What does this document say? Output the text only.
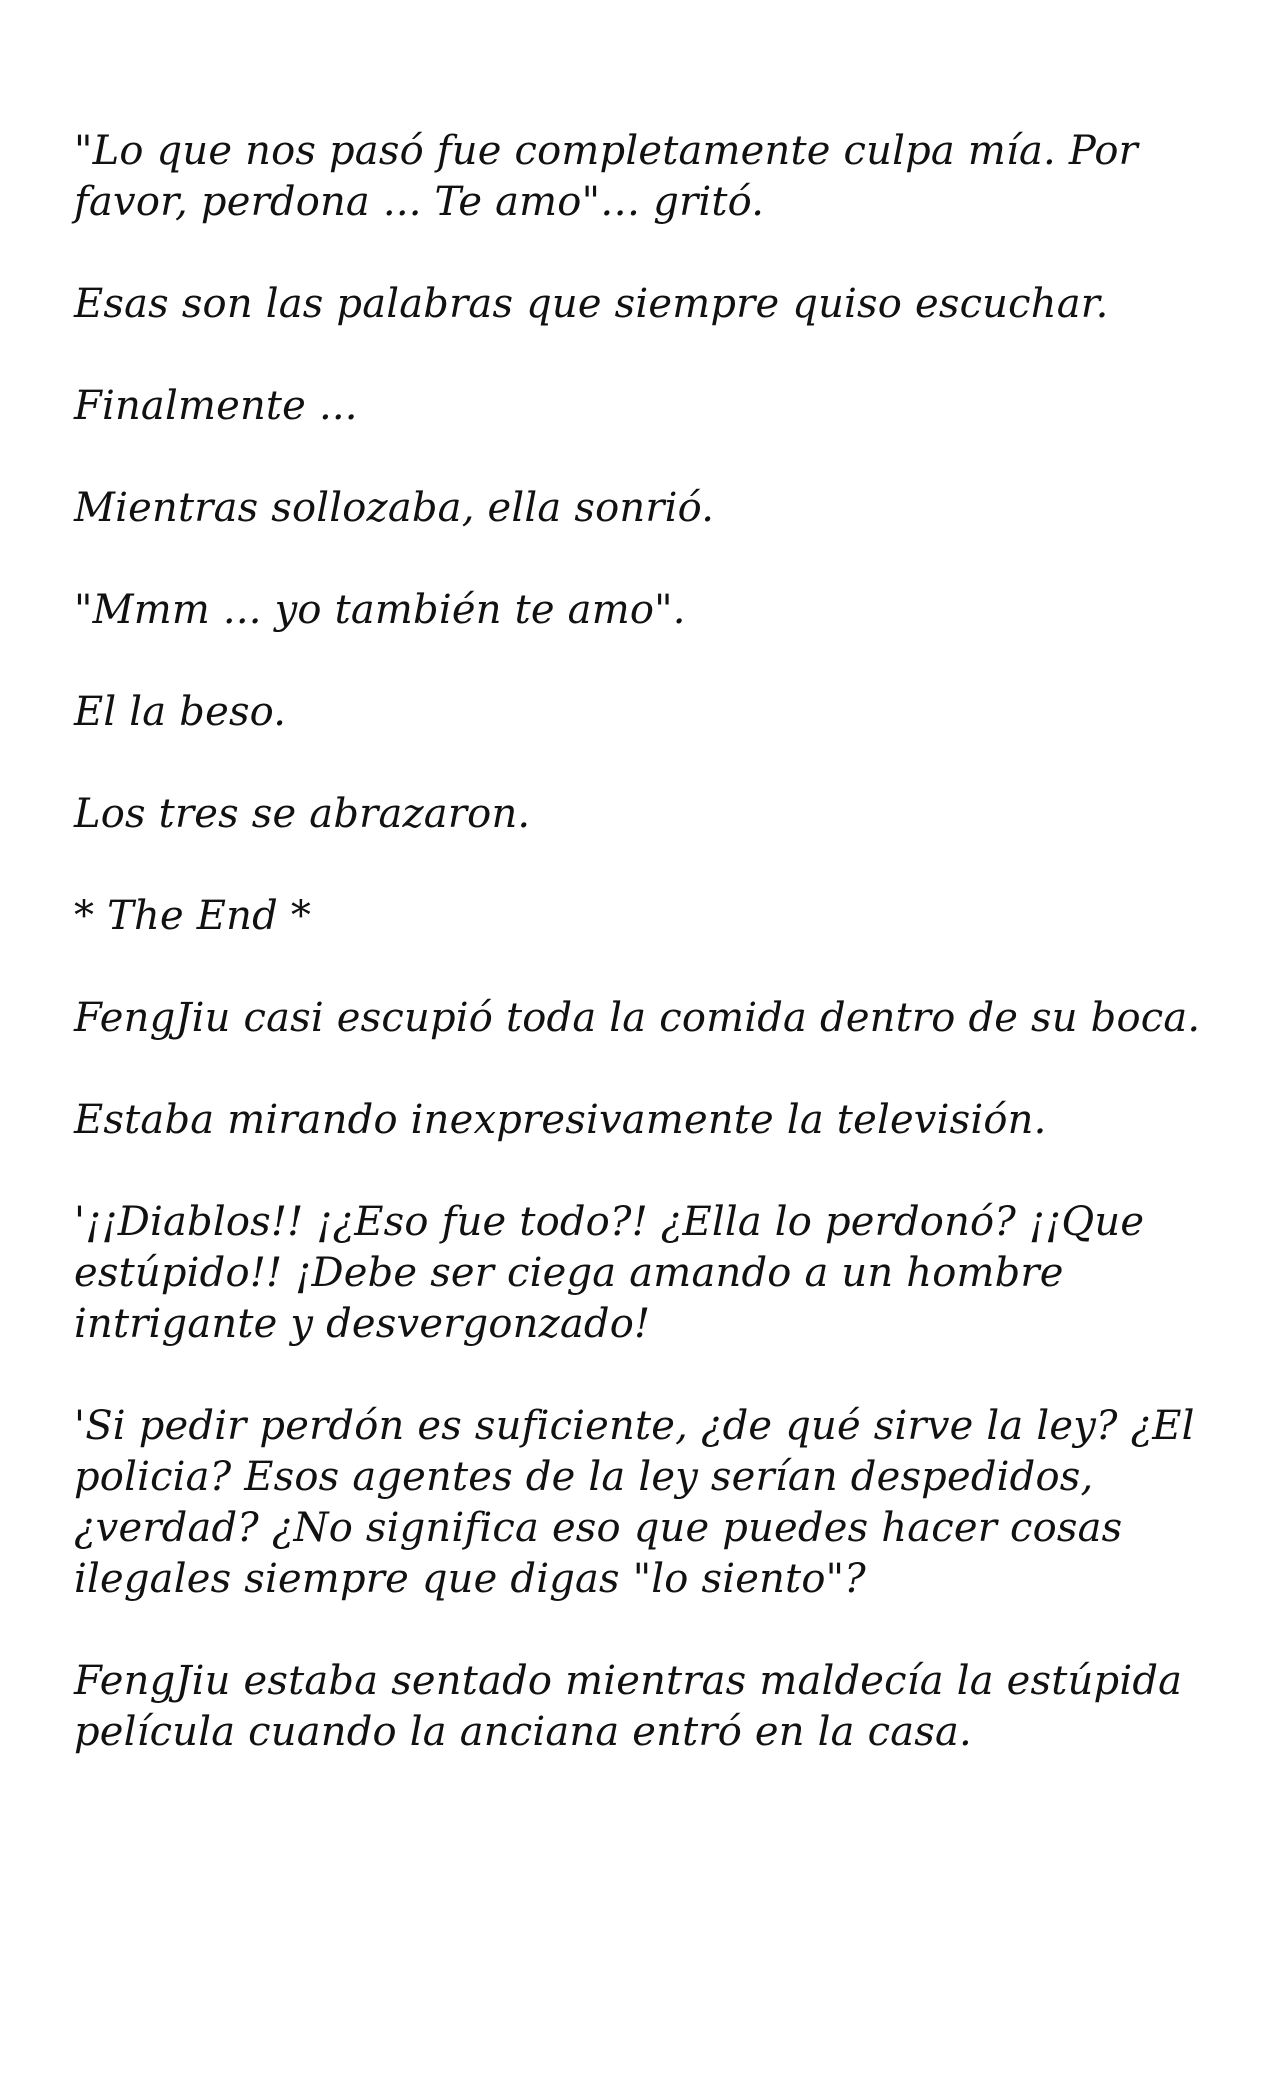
"Lo que nos pasó fue completamente culpa mía. Por favor, perdona ... Te amo"… gritó.

Esas son las palabras que siempre quiso escuchar.

Finalmente ...

Mientras sollozaba, ella sonrió.

"Mmm ... yo también te amo".

El la beso.

Los tres se abrazaron.

* The End *

FengJiu casi escupió toda la comida dentro de su boca.

Estaba mirando inexpresivamente la televisión.

'¡¡Diablos!! ¡¿Eso fue todo?! ¿Ella lo perdonó? ¡¡Que estúpido!! ¡Debe ser ciega amando a un hombre intrigante y desvergonzado!

'Si pedir perdón es suficiente, ¿de qué sirve la ley? ¿El policia? Esos agentes de la ley serían despedidos, ¿verdad? ¿No significa eso que puedes hacer cosas ilegales siempre que digas "lo siento"?

FengJiu estaba sentado mientras maldecía la estúpida película cuando la anciana entró en la casa.
